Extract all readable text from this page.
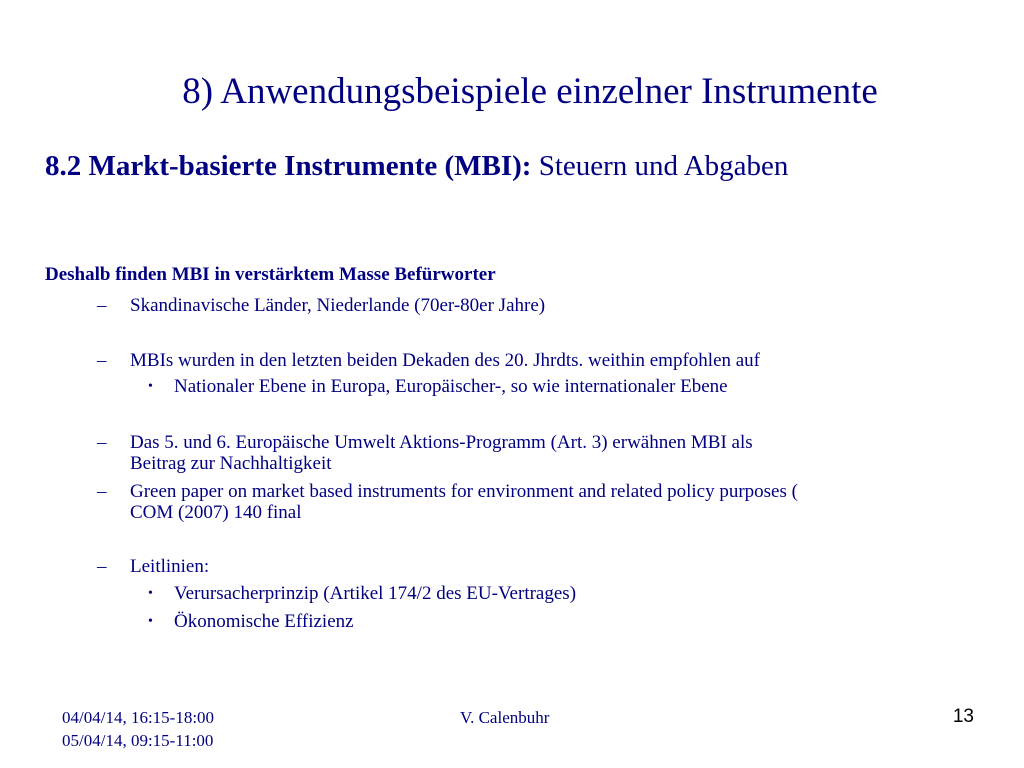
8) Anwendungsbeispiele einzelner Instrumente
8.2 Markt-basierte Instrumente (MBI): Steuern und Abgaben
Deshalb finden MBI in verstärktem Masse Befürworter
– Skandinavische Länder, Niederlande (70er-80er Jahre)
– MBIs wurden in den letzten beiden Dekaden des 20. Jhrdts. weithin empfohlen auf
• Nationaler Ebene in Europa, Europäischer-, so wie internationaler Ebene
– Das 5. und 6. Europäische Umwelt Aktions-Programm (Art. 3) erwähnen MBI als
Beitrag zur Nachhaltigkeit
– Green paper on market based instruments for environment and related policy purposes (
COM (2007) 140 final
– Leitlinien:
• Verursacherprinzip (Artikel 174/2 des EU-Vertrages)
• Ökonomische Effizienz
04/04/14, 16:15-18:00
05/04/14, 09:15-11:00
V. Calenbuhr	13
